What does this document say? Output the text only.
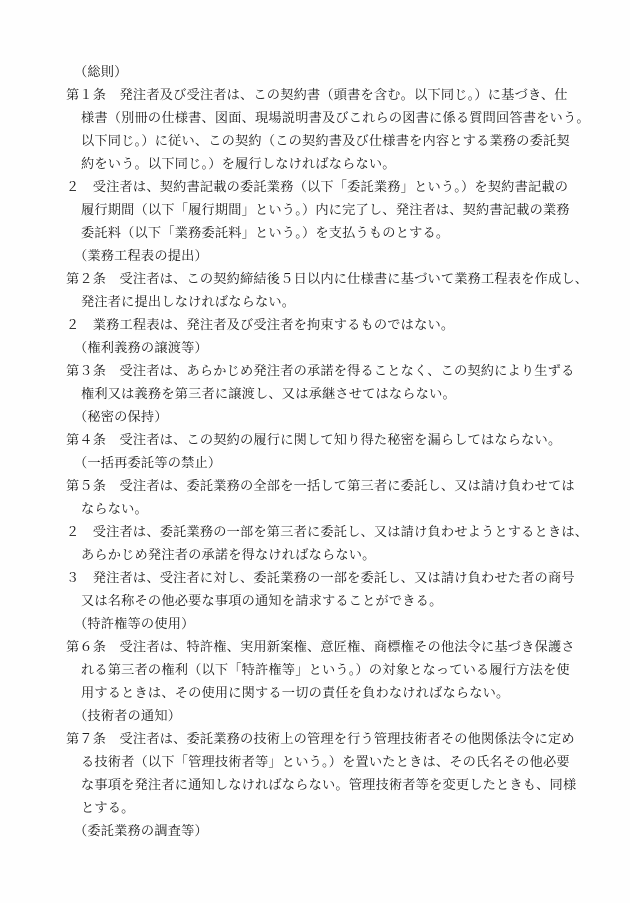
（総則）
第１条　発注者及び受注者は、この契約書（頭書を含む。以下同じ。）に基づき、仕
様書（別冊の仕様書、図面、現場説明書及びこれらの図書に係る質問回答書をいう。
以下同じ。）に従い、この契約（この契約書及び仕様書を内容とする業務の委託契
約をいう。以下同じ。）を履行しなければならない。
２　受注者は、契約書記載の委託業務（以下「委託業務」という。）を契約書記載の
履行期間（以下「履行期間」という。）内に完了し、発注者は、契約書記載の業務
委託料（以下「業務委託料」という。）を支払うものとする。
（業務工程表の提出）
第２条　受注者は、この契約締結後５日以内に仕様書に基づいて業務工程表を作成し、
発注者に提出しなければならない。
２　業務工程表は、発注者及び受注者を拘束するものではない。
（権利義務の譲渡等）
第３条　受注者は、あらかじめ発注者の承諾を得ることなく、この契約により生ずる
権利又は義務を第三者に譲渡し、又は承継させてはならない。
（秘密の保持）
第４条　受注者は、この契約の履行に関して知り得た秘密を漏らしてはならない。
（一括再委託等の禁止）
第５条　受注者は、委託業務の全部を一括して第三者に委託し、又は請け負わせては
ならない。
２　受注者は、委託業務の一部を第三者に委託し、又は請け負わせようとするときは、
あらかじめ発注者の承諾を得なければならない。
３　発注者は、受注者に対し、委託業務の一部を委託し、又は請け負わせた者の商号
又は名称その他必要な事項の通知を請求することができる。
（特許権等の使用）
第６条　受注者は、特許権、実用新案権、意匠権、商標権その他法令に基づき保護さ
れる第三者の権利（以下「特許権等」という。）の対象となっている履行方法を使
用するときは、その使用に関する一切の責任を負わなければならない。
（技術者の通知）
第７条　受注者は、委託業務の技術上の管理を行う管理技術者その他関係法令に定め
る技術者（以下「管理技術者等」という。）を置いたときは、その氏名その他必要
な事項を発注者に通知しなければならない。管理技術者等を変更したときも、同様
とする。
（委託業務の調査等）
